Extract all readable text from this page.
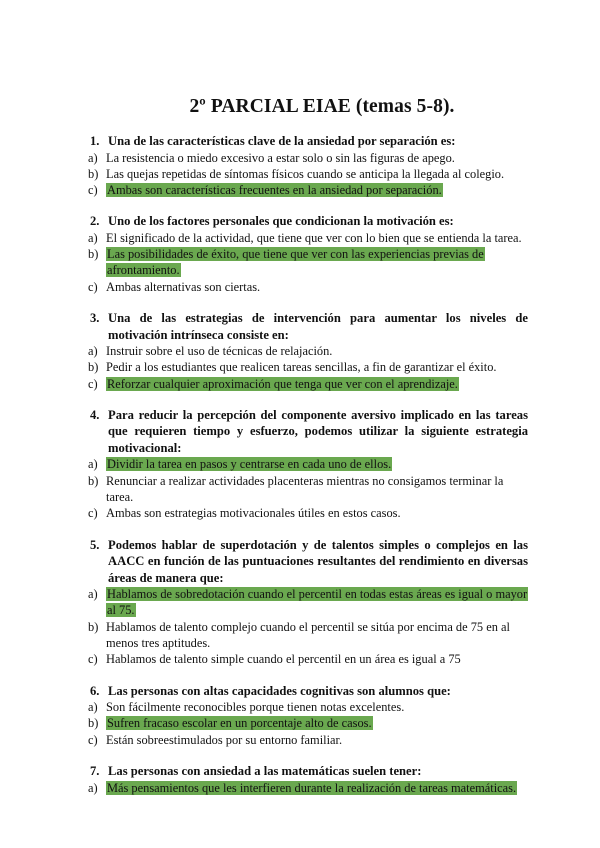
2º PARCIAL EIAE (temas 5-8).
1. Una de las características clave de la ansiedad por separación es:
a) La resistencia o miedo excesivo a estar solo o sin las figuras de apego.
b) Las quejas repetidas de síntomas físicos cuando se anticipa la llegada al colegio.
c) Ambas son características frecuentes en la ansiedad por separación.
2. Uno de los factores personales que condicionan la motivación es:
a) El significado de la actividad, que tiene que ver con lo bien que se entienda la tarea.
b) Las posibilidades de éxito, que tiene que ver con las experiencias previas de afrontamiento.
c) Ambas alternativas son ciertas.
3. Una de las estrategias de intervención para aumentar los niveles de motivación intrínseca consiste en:
a) Instruir sobre el uso de técnicas de relajación.
b) Pedir a los estudiantes que realicen tareas sencillas, a fin de garantizar el éxito.
c) Reforzar cualquier aproximación que tenga que ver con el aprendizaje.
4. Para reducir la percepción del componente aversivo implicado en las tareas que requieren tiempo y esfuerzo, podemos utilizar la siguiente estrategia motivacional:
a) Dividir la tarea en pasos y centrarse en cada uno de ellos.
b) Renunciar a realizar actividades placenteras mientras no consigamos terminar la tarea.
c) Ambas son estrategias motivacionales útiles en estos casos.
5. Podemos hablar de superdotación y de talentos simples o complejos en las AACC en función de las puntuaciones resultantes del rendimiento en diversas áreas de manera que:
a) Hablamos de sobredotación cuando el percentil en todas estas áreas es igual o mayor al 75.
b) Hablamos de talento complejo cuando el percentil se sitúa por encima de 75 en al menos tres aptitudes.
c) Hablamos de talento simple cuando el percentil en un área es igual a 75
6. Las personas con altas capacidades cognitivas son alumnos que:
a) Son fácilmente reconocibles porque tienen notas excelentes.
b) Sufren fracaso escolar en un porcentaje alto de casos.
c) Están sobreestimulados por su entorno familiar.
7. Las personas con ansiedad a las matemáticas suelen tener:
a) Más pensamientos que les interfieren durante la realización de tareas matemáticas.
